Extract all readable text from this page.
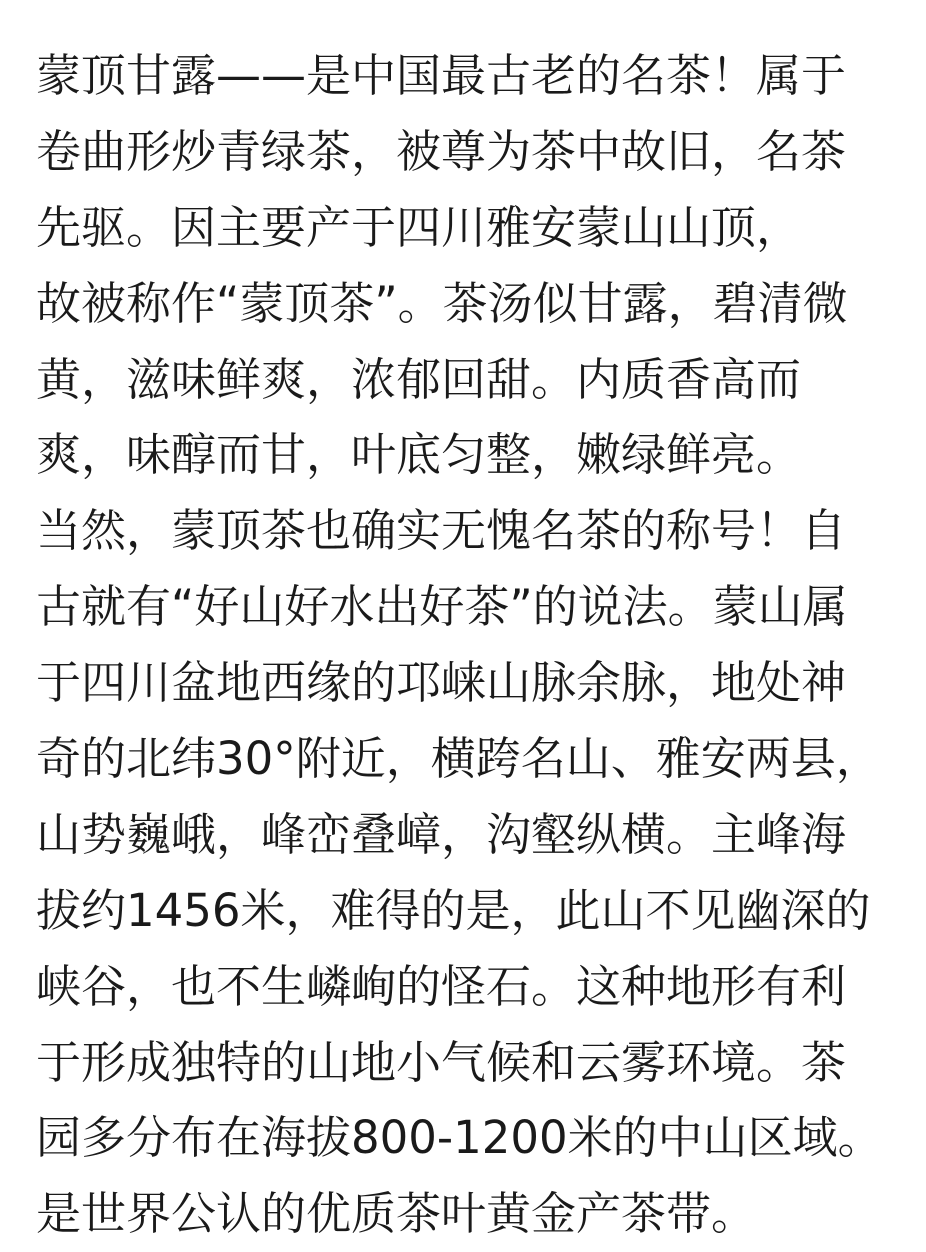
蒙顶甘露——是中国最古老的名茶！属于
卷曲形炒青绿茶，被尊为茶中故旧，名茶
先驱。因主要产于四川雅安蒙山山顶，
故被称作“蒙顶茶”。茶汤似甘露，碧清微
黄，滋味鲜爽，浓郁回甜。内质香高而
爽，味醇而甘，叶底匀整，嫩绿鲜亮。
当然，蒙顶茶也确实无愧名茶的称号！自
古就有“好山好水出好茶”的说法。蒙山属
于四川盆地西缘的邛崃山脉余脉，地处神
奇的北纬30°附近，横跨名山、雅安两县，
山势巍峨，峰峦叠嶂，沟壑纵横。主峰海
拔约1456米，难得的是，此山不见幽深的
峡谷，也不生嶙峋的怪石。这种地形有利
于形成独特的山地小气候和云雾环境。茶
园多分布在海拔800-1200米的中山区域。
是世界公认的优质茶叶黄金产茶带。
